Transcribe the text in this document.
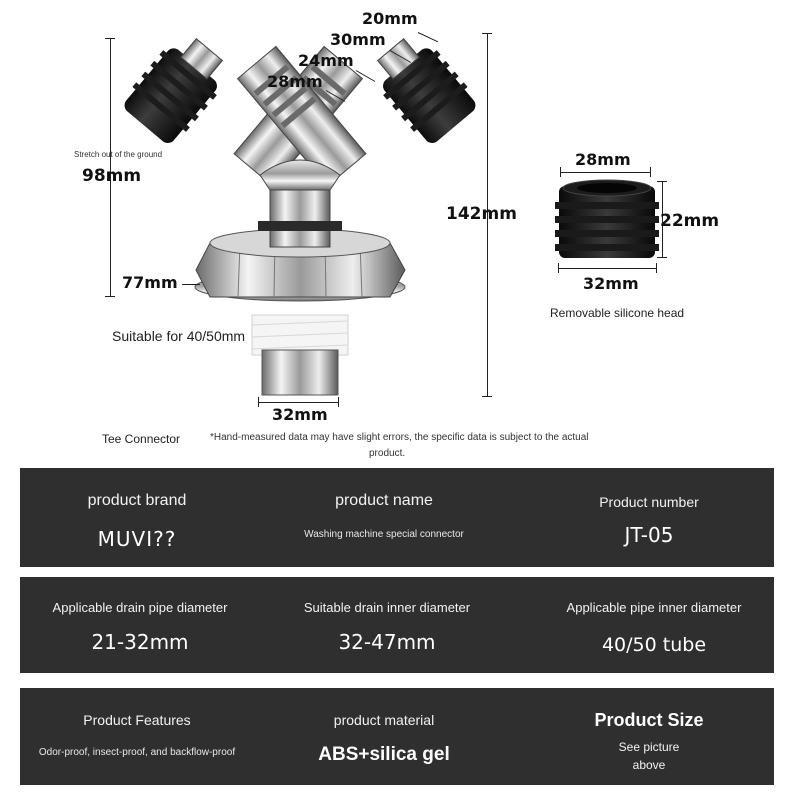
20mm
30mm
24mm
28mm
Stretch out of the ground
98mm
77mm
142mm
Suitable for 40/50mm
32mm
Tee Connector	*Hand-measured data may have slight errors, the specific data is subject to the actual
product.
28mm
22mm
32mm
Removable silicone head
product brand
MUVI??
product name
Washing machine special connector
Product number
JT-05
Applicable drain pipe diameter
21-32mm
Suitable drain inner diameter
32-47mm
Applicable pipe inner diameter
40/50 tube
Product Features
Odor-proof, insect-proof, and backflow-proof
product material
ABS+silica gel
Product Size
See picture
above
